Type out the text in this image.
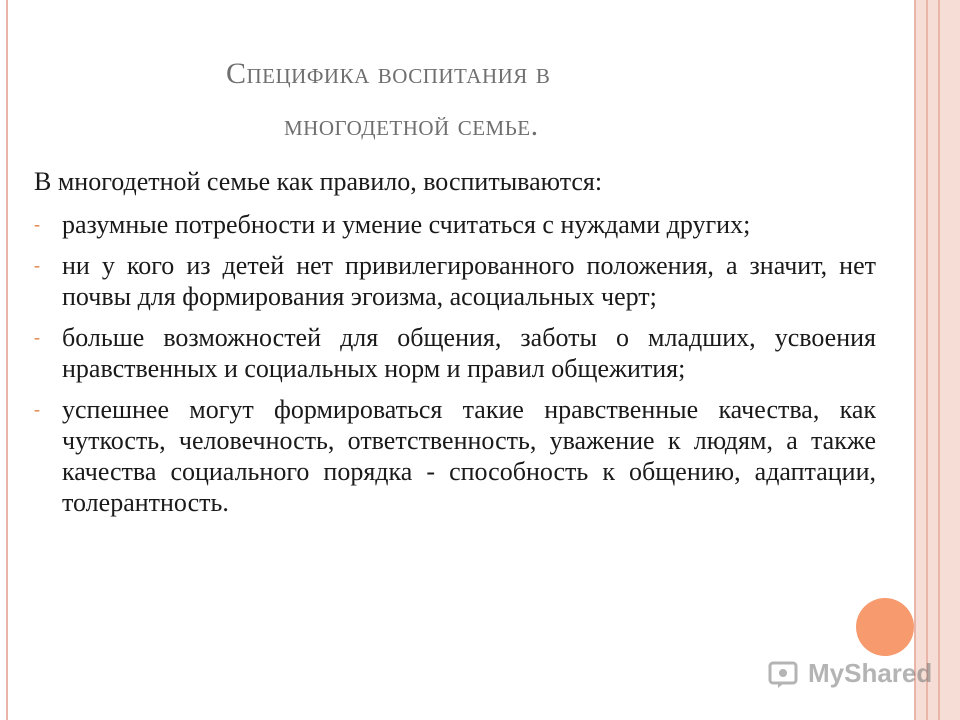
Специфика воспитания в
многодетной семье.
В многодетной семье как правило, воспитываются:
- разумные потребности и умение считаться с нуждами других;
- ни у кого из детей нет привилегированного положения, а значит, нет почвы для формирования эгоизма, асоциальных черт;
- больше возможностей для общения, заботы о младших, усвоения нравственных и социальных норм и правил общежития;
- успешнее могут формироваться такие нравственные качества, как чуткость, человечность, ответственность, уважение к людям, а также качества социального порядка - способность к общению, адаптации, толерантность.
MyShared
